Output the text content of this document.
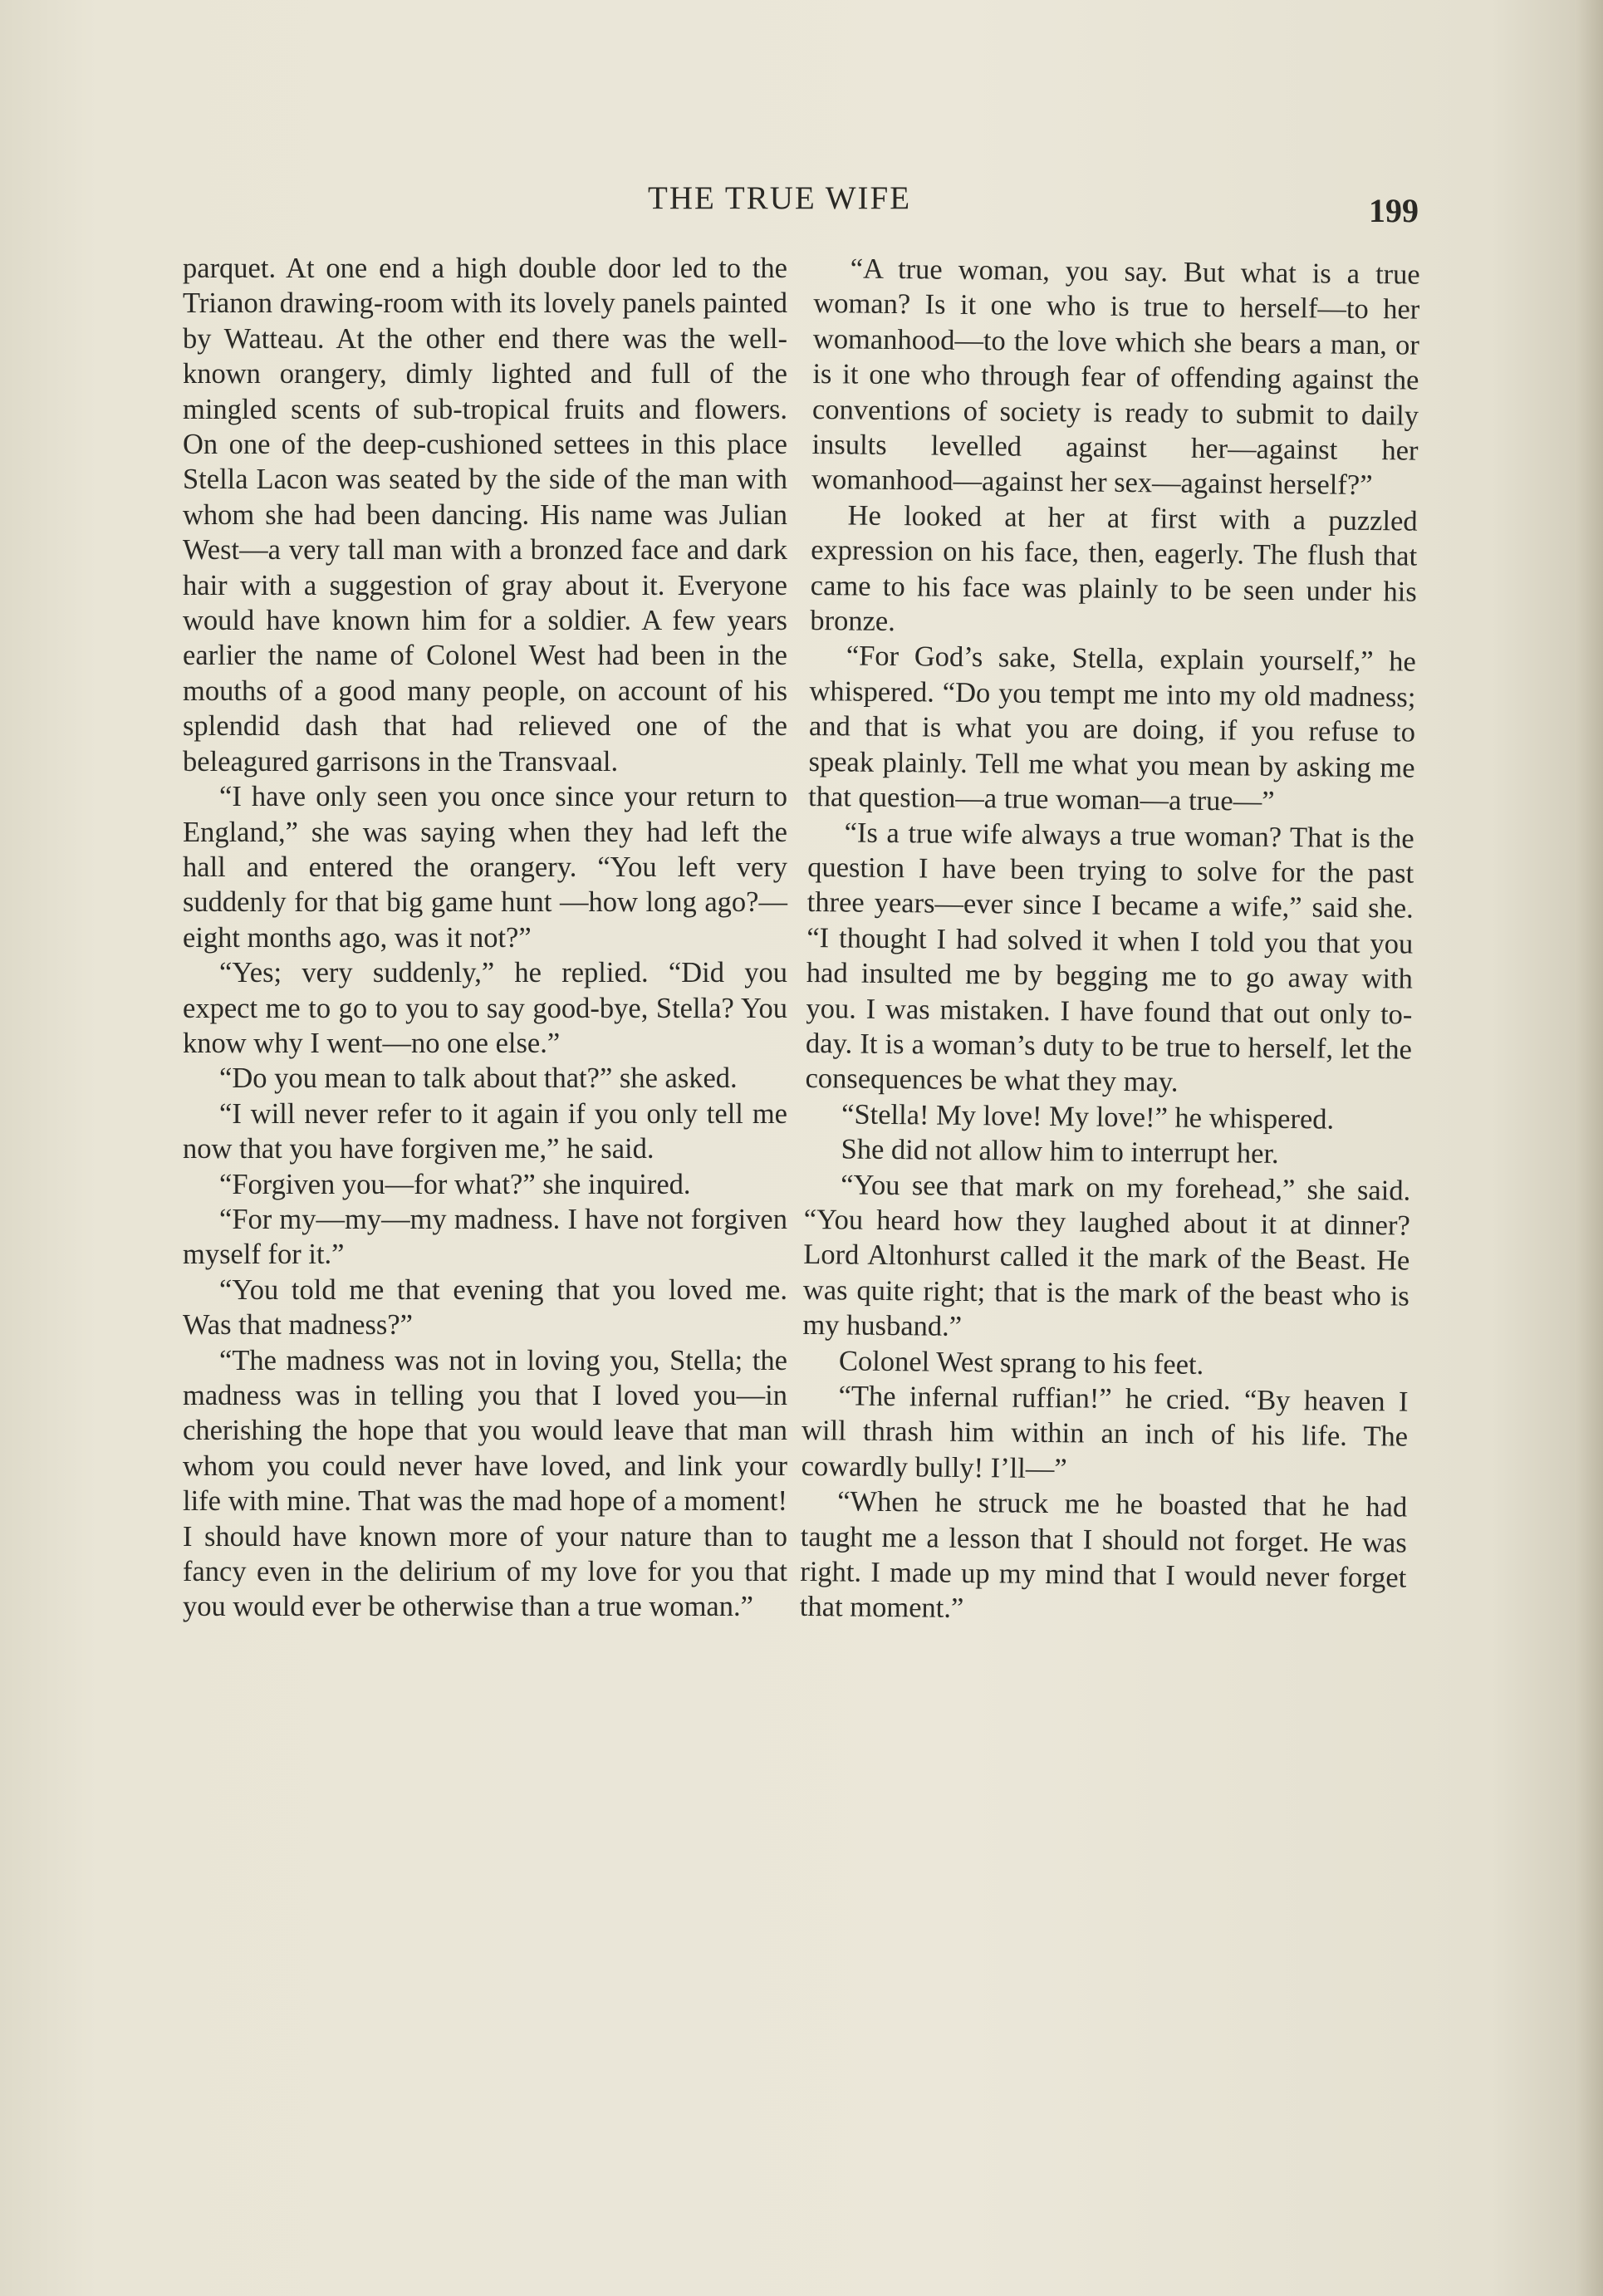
THE TRUE WIFE	199

parquet. At one end a high double door led to the Trianon drawing-room with its lovely panels painted by Watteau. At the other end there was the well-known orangery, dimly lighted and full of the mingled scents of sub-tropical fruits and flowers. On one of the deep-cushioned settees in this place Stella Lacon was seated by the side of the man with whom she had been dancing. His name was Julian West—a very tall man with a bronzed face and dark hair with a suggestion of gray about it. Everyone would have known him for a soldier. A few years earlier the name of Colonel West had been in the mouths of a good many people, on account of his splendid dash that had relieved one of the beleagured garrisons in the Transvaal.

“I have only seen you once since your return to England,” she was saying when they had left the hall and entered the orangery. “You left very suddenly for that big game hunt —how long ago?—eight months ago, was it not?”

“Yes; very suddenly,” he replied. “Did you expect me to go to you to say good-bye, Stella? You know why I went—no one else.”

“Do you mean to talk about that?” she asked.

“I will never refer to it again if you only tell me now that you have forgiven me,” he said.

“Forgiven you—for what?” she inquired.

“For my—my—my madness. I have not forgiven myself for it.”

“You told me that evening that you loved me. Was that madness?”

“The madness was not in loving you, Stella; the madness was in telling you that I loved you—in cherishing the hope that you would leave that man whom you could never have loved, and link your life with mine. That was the mad hope of a moment! I should have known more of your nature than to fancy even in the delirium of my love for you that you would ever be otherwise than a true woman.”

“A true woman, you say. But what is a true woman? Is it one who is true to herself—to her womanhood—to the love which she bears a man, or is it one who through fear of offending against the conventions of society is ready to submit to daily insults levelled against her—against her womanhood—against her sex—against herself?”

He looked at her at first with a puzzled expression on his face, then, eagerly. The flush that came to his face was plainly to be seen under his bronze.

“For God’s sake, Stella, explain yourself,” he whispered. “Do you tempt me into my old madness; and that is what you are doing, if you refuse to speak plainly. Tell me what you mean by asking me that question—a true woman—a true—”

“Is a true wife always a true woman? That is the question I have been trying to solve for the past three years—ever since I became a wife,” said she. “I thought I had solved it when I told you that you had insulted me by begging me to go away with you. I was mistaken. I have found that out only to-day. It is a woman’s duty to be true to herself, let the consequences be what they may.

“Stella! My love! My love!” he whispered.

She did not allow him to interrupt her.

“You see that mark on my forehead,” she said. “You heard how they laughed about it at dinner? Lord Altonhurst called it the mark of the Beast. He was quite right; that is the mark of the beast who is my husband.”

Colonel West sprang to his feet.

“The infernal ruffian!” he cried. “By heaven I will thrash him within an inch of his life. The cowardly bully! I’ll—”

“When he struck me he boasted that he had taught me a lesson that I should not forget. He was right. I made up my mind that I would never forget that moment.”
